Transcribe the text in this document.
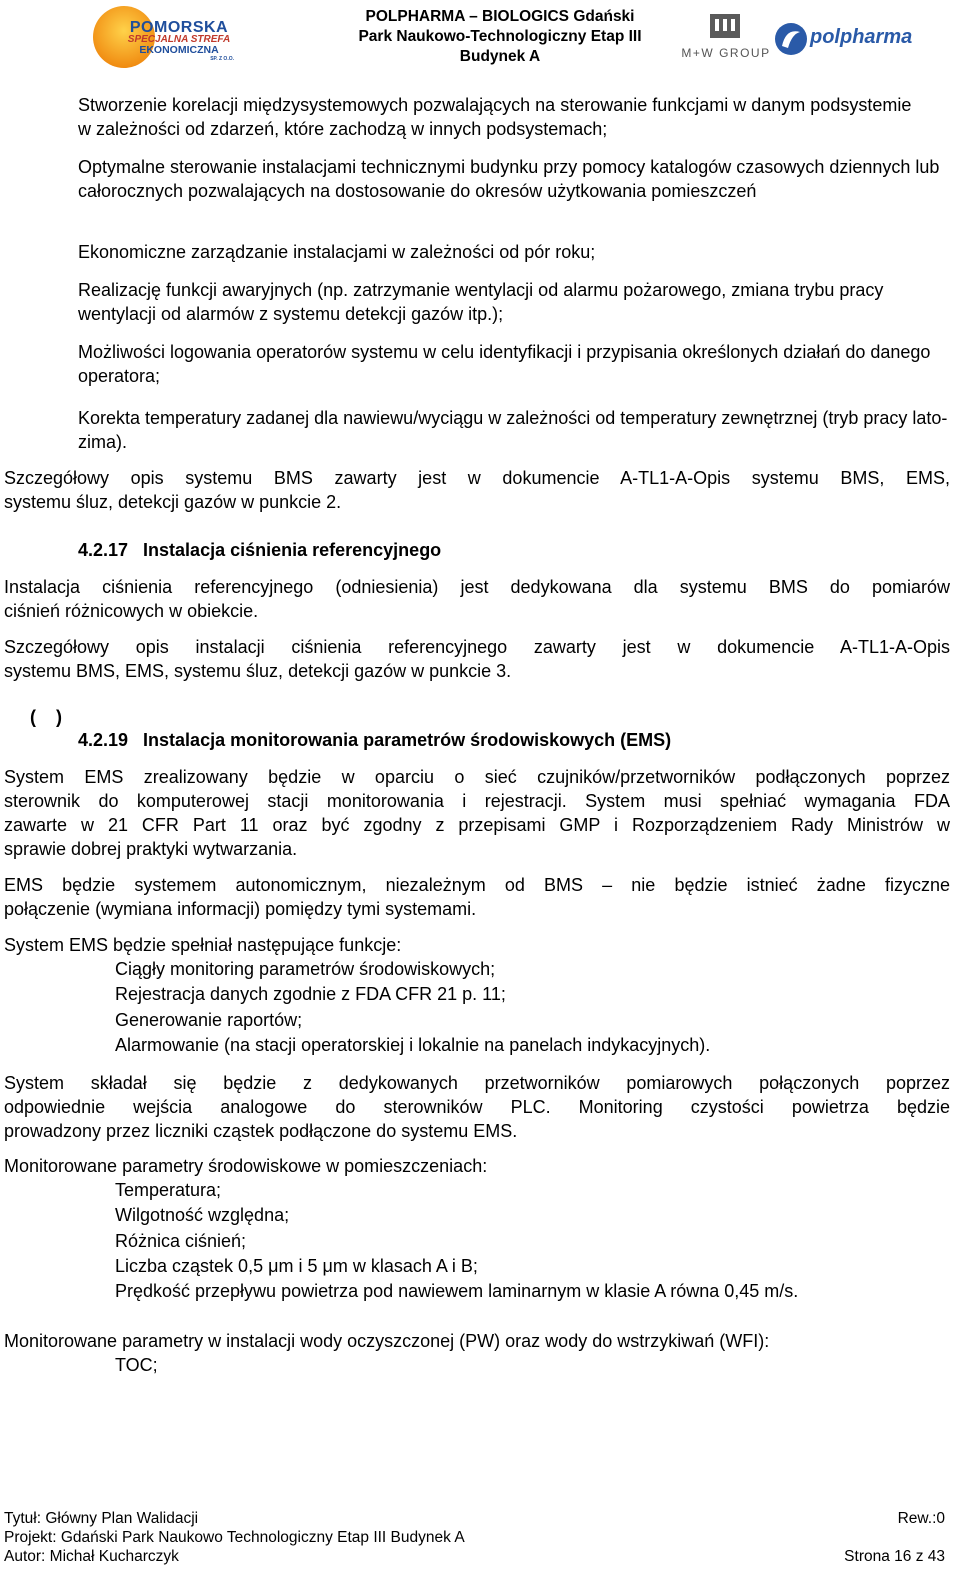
POMORSKA
SPECJALNA STREFA
EKONOMICZNA
SP. Z O.O.
POLPHARMA – BIOLOGICS Gdański
Park Naukowo-Technologiczny Etap III
Budynek A	M+W GROUP
polpharma

Stworzenie korelacji międzysystemowych pozwalających na sterowanie funkcjami w danym podsystemie w zależności od zdarzeń, które zachodzą w innych podsystemach;

Optymalne sterowanie instalacjami technicznymi budynku przy pomocy katalogów czasowych dziennych lub całorocznych pozwalających na dostosowanie do okresów użytkowania pomieszczeń

Ekonomiczne zarządzanie instalacjami w zależności od pór roku;

Realizację funkcji awaryjnych (np. zatrzymanie wentylacji od alarmu pożarowego, zmiana trybu pracy wentylacji od alarmów z systemu detekcji gazów itp.);

Możliwości logowania operatorów systemu w celu identyfikacji i przypisania określonych działań do danego operatora;

Korekta temperatury zadanej dla nawiewu/wyciągu w zależności od temperatury zewnętrznej (tryb pracy lato-zima).

Szczegółowy opis systemu BMS zawarty jest w dokumencie A-TL1-A-Opis systemu BMS, EMS,
systemu śluz, detekcji gazów w punkcie 2.
4.2.17   Instalacja ciśnienia referencyjnego
Instalacja ciśnienia referencyjnego (odniesienia) jest dedykowana dla systemu BMS do pomiarów
ciśnień różnicowych w obiekcie.
Szczegółowy opis instalacji ciśnienia referencyjnego zawarty jest w dokumencie A-TL1-A-Opis
systemu BMS, EMS, systemu śluz, detekcji gazów w punkcie 3.
(    )
4.2.19   Instalacja monitorowania parametrów środowiskowych (EMS)
System EMS zrealizowany będzie w oparciu o sieć czujników/przetworników podłączonych poprzez
sterownik do komputerowej stacji monitorowania i rejestracji. System musi spełniać wymagania FDA
zawarte w 21 CFR Part 11 oraz być zgodny z przepisami GMP i Rozporządzeniem Rady Ministrów w
sprawie dobrej praktyki wytwarzania.
EMS będzie systemem autonomicznym, niezależnym od BMS – nie będzie istnieć żadne fizyczne
połączenie (wymiana informacji) pomiędzy tymi systemami.
System EMS będzie spełniał następujące funkcje:
Ciągły monitoring parametrów środowiskowych;
Rejestracja danych zgodnie z FDA CFR 21 p. 11;
Generowanie raportów;
Alarmowanie (na stacji operatorskiej i lokalnie na panelach indykacyjnych).
System składał się będzie z dedykowanych przetworników pomiarowych połączonych poprzez
odpowiednie wejścia analogowe do sterowników PLC. Monitoring czystości powietrza będzie
prowadzony przez liczniki cząstek podłączone do systemu EMS.
Monitorowane parametry środowiskowe w pomieszczeniach:
Temperatura;
Wilgotność względna;
Różnica ciśnień;
Liczba cząstek 0,5 μm i 5 μm w klasach A i B;
Prędkość przepływu powietrza pod nawiewem laminarnym w klasie A równa 0,45 m/s.
Monitorowane parametry w instalacji wody oczyszczonej (PW) oraz wody do wstrzykiwań (WFI):
TOC;
Tytuł: Główny Plan Walidacji
Projekt: Gdański Park Naukowo Technologiczny Etap III Budynek A
Autor: Michał Kucharczyk
Rew.:0
Strona 16 z 43
